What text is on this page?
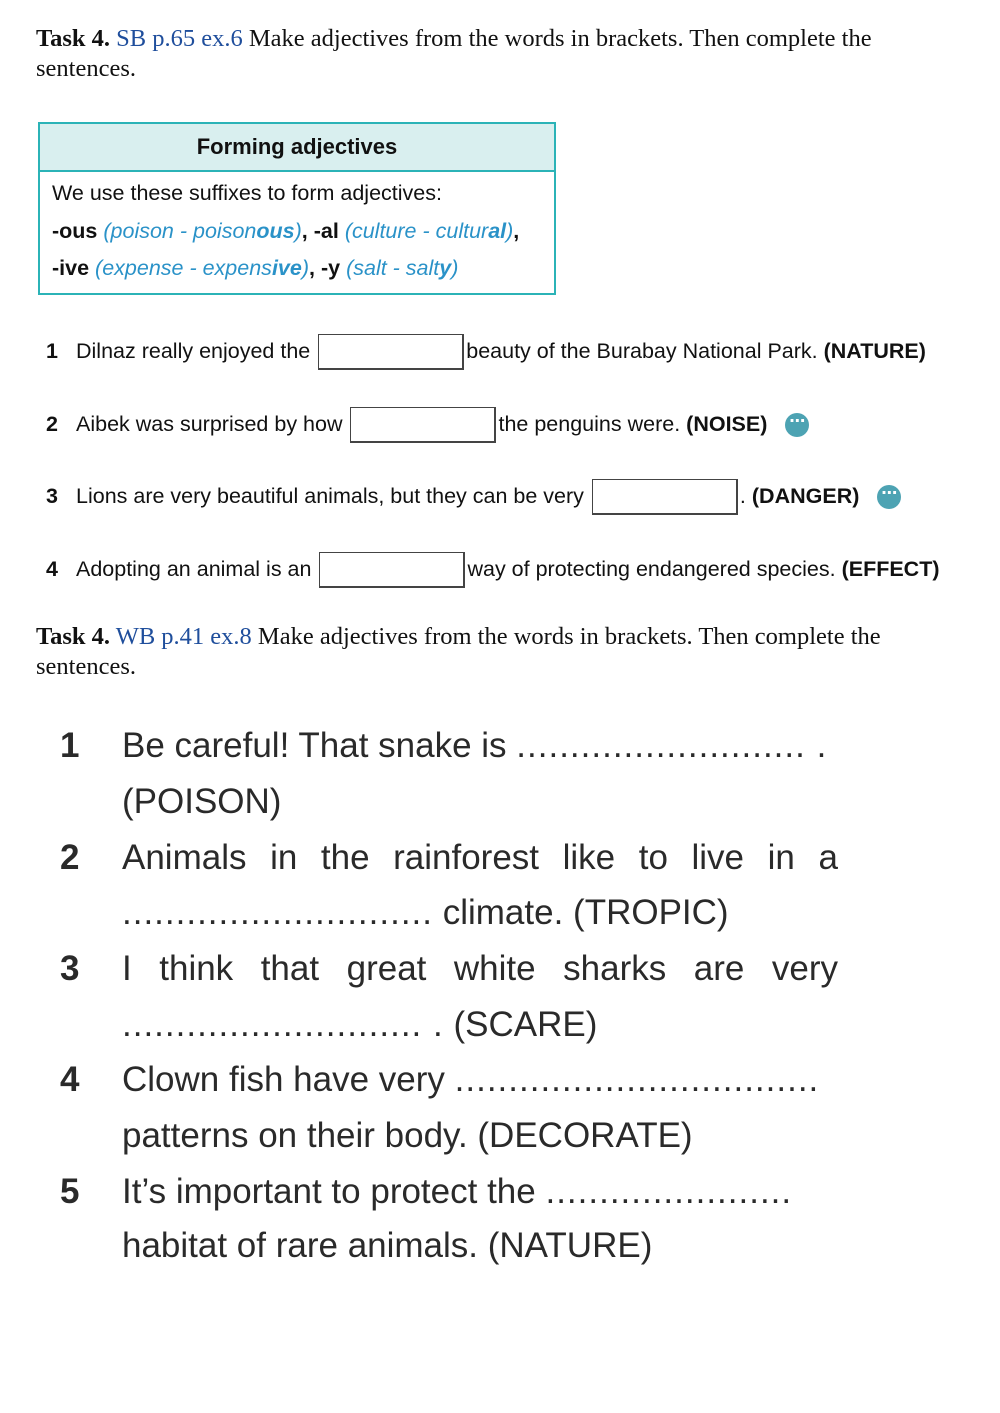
Task 4. SB p.65 ex.6 Make adjectives from the words in brackets. Then complete the
sentences.
Forming adjectives
We use these suffixes to form adjectives:
-ous (poison - poisonous), -al (culture - cultural),
-ive (expense - expensive), -y (salt - salty)
1 Dilnaz really enjoyed the	beauty of the Burabay National Park. (NATURE)
2 Aibek was surprised by how	the penguins were. (NOISE) ⋯
3 Lions are very beautiful animals, but they can be very	. (DANGER) ⋯
4 Adopting an animal is an	way of protecting endangered species. (EFFECT)
Task 4. WB p.41 ex.8 Make adjectives from the words in brackets. Then complete the
sentences.
1 Be careful! That snake is ........................... .
(POISON)
2 Animals in the rainforest like to live in a
............................. climate. (TROPIC)
3 I think that great white sharks are very
............................ . (SCARE)
4 Clown fish have very ..................................
patterns on their body. (DECORATE)
5 It’s important to protect the .......................
habitat of rare animals. (NATURE)
